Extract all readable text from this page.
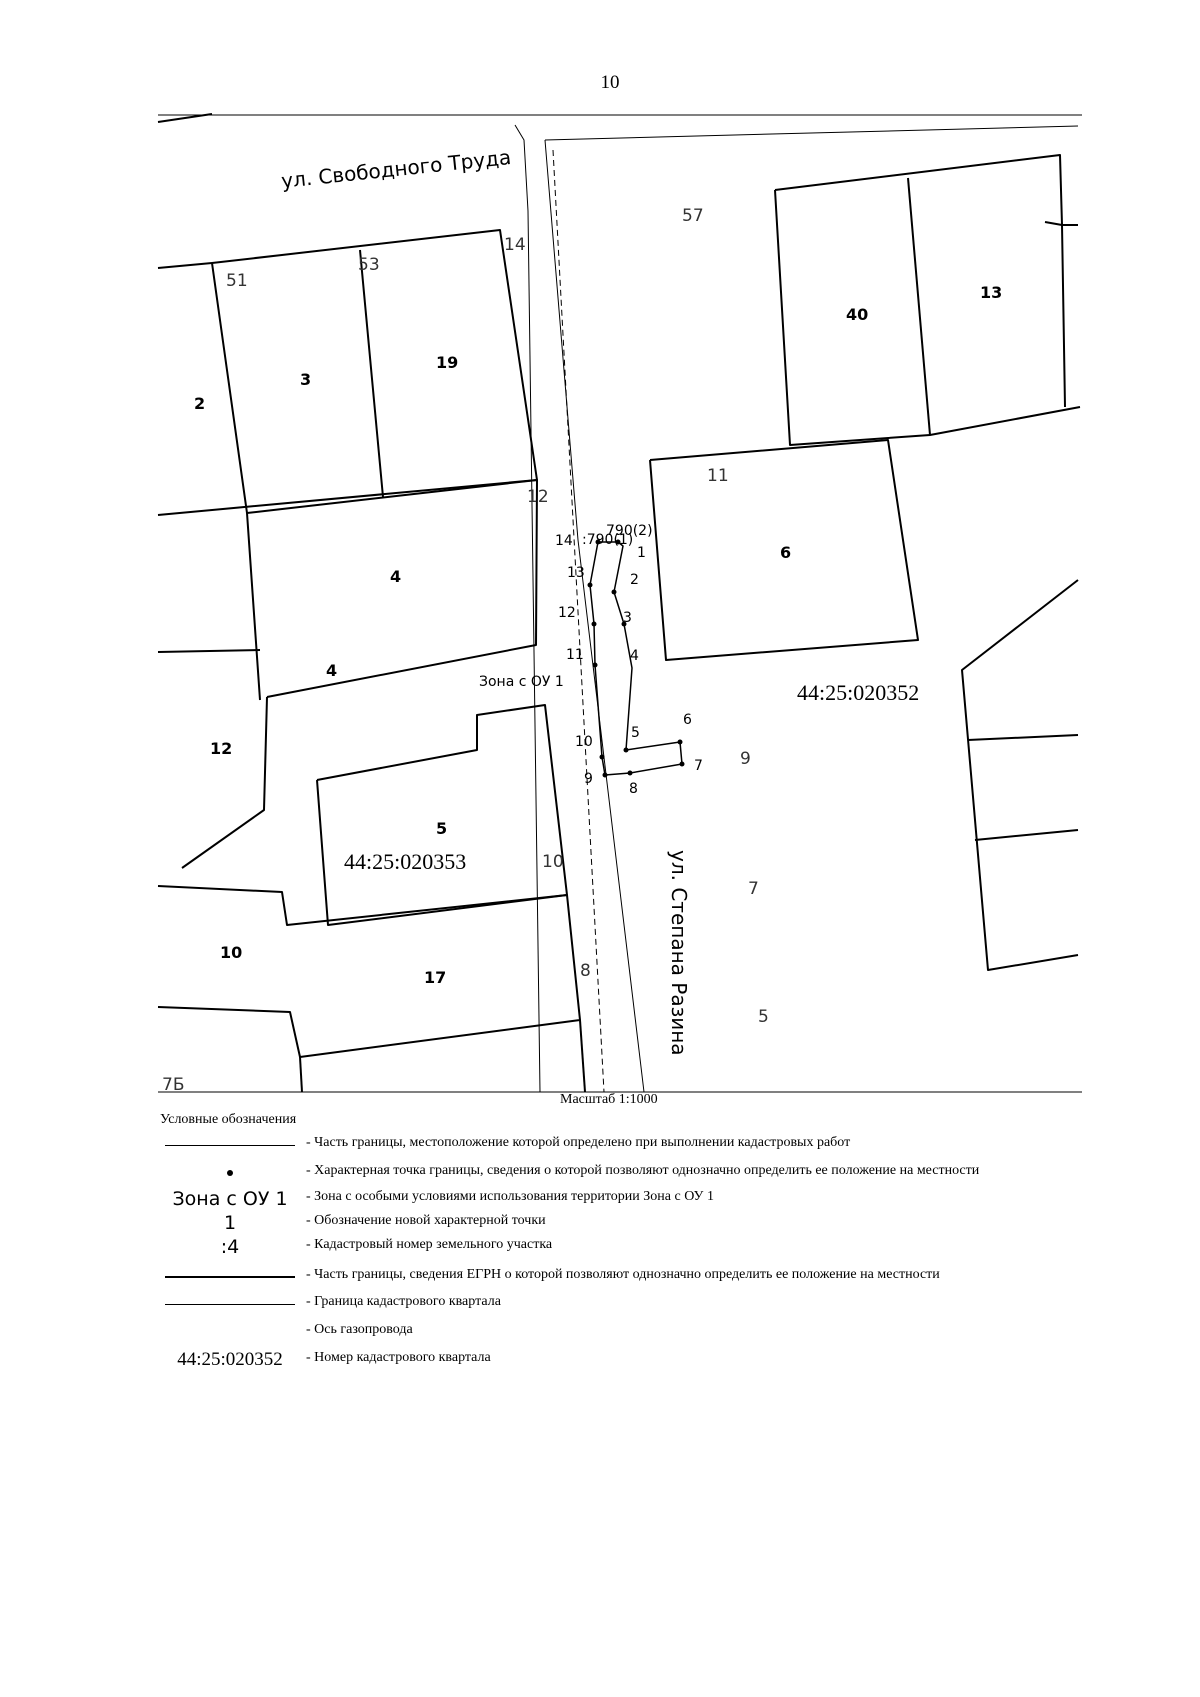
10
ул. Свободного Труда
ул. Степана Разина
44:25:020352
44:25:020353
Зона с ОУ 1
790(2)
:790(1)
2
3
19
4
4
12
5
10
17
40
13
6
51
53
14
12
57
11
9
10
8
7
5
7Б
1
2
3
4
5
6
7
8
9
10
11
12
13
14
Масштаб 1:1000
Условные обозначения
- Часть границы, местоположение которой определено при выполнении кадастровых работ
- Характерная точка границы, сведения о которой позволяют однозначно определить ее положение на местности
Зона с ОУ 1	- Зона с особыми условиями использования территории Зона с ОУ 1
1	- Обозначение новой характерной точки
:4	- Кадастровый номер земельного участка
- Часть границы, сведения ЕГРН о которой позволяют однозначно определить ее положение на местности
- Граница кадастрового квартала
- Ось газопровода
44:25:020352	- Номер кадастрового квартала
